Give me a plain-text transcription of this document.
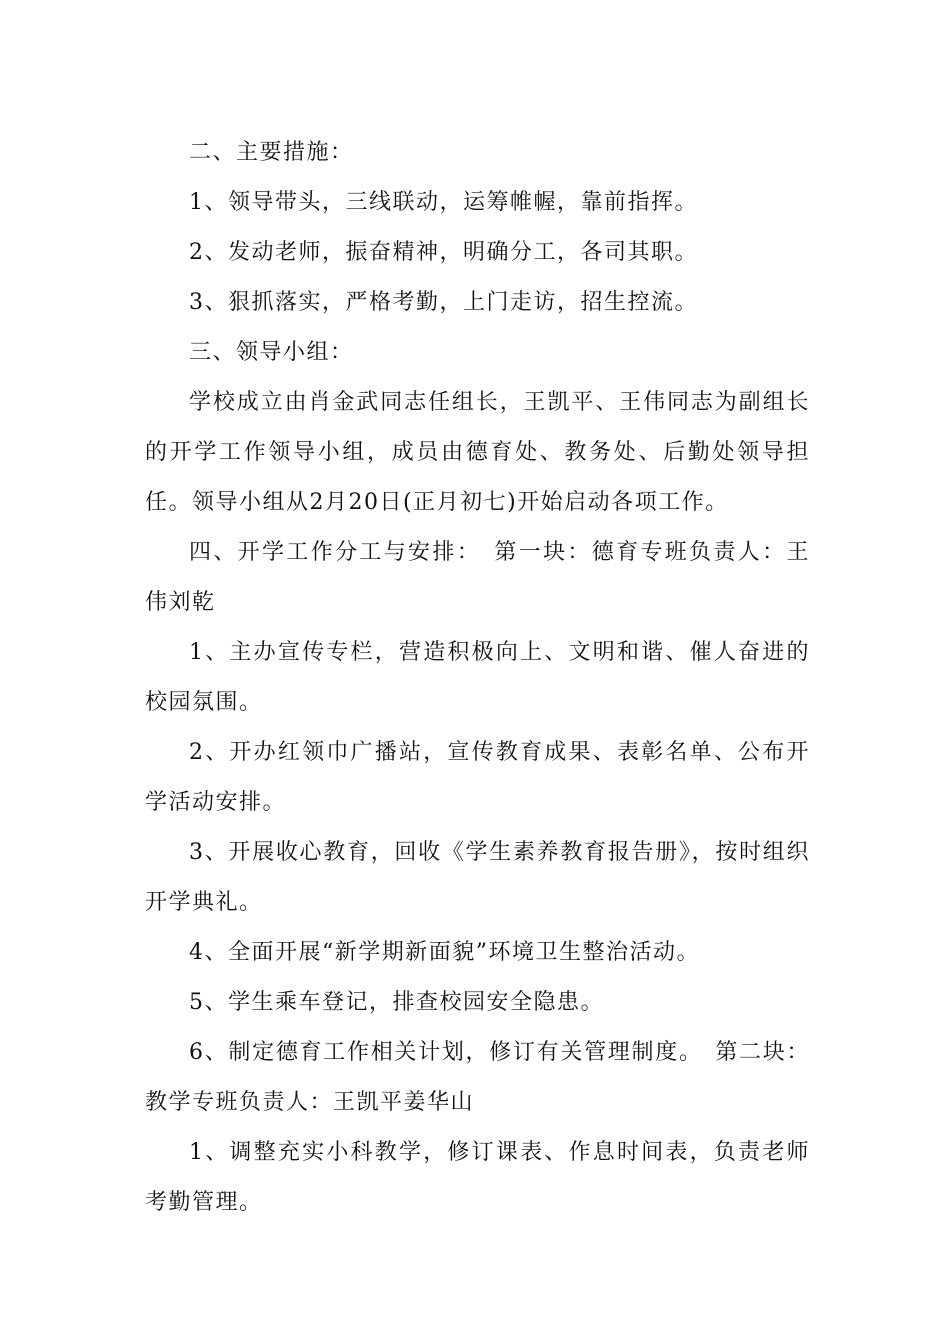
二、主要措施：

1、领导带头，三线联动，运筹帷幄，靠前指挥。

2、发动老师，振奋精神，明确分工，各司其职。

3、狠抓落实，严格考勤，上门走访，招生控流。

三、领导小组：

学校成立由肖金武同志任组长，王凯平、王伟同志为副组长的开学工作领导小组，成员由德育处、教务处、后勤处领导担任。领导小组从2月20日(正月初七)开始启动各项工作。

四、开学工作分工与安排：　第一块：德育专班负责人：王伟刘乾

1、主办宣传专栏，营造积极向上、文明和谐、催人奋进的校园氛围。

2、开办红领巾广播站，宣传教育成果、表彰名单、公布开学活动安排。

3、开展收心教育，回收《学生素养教育报告册》，按时组织开学典礼。

4、全面开展“新学期新面貌”环境卫生整治活动。

5、学生乘车登记，排查校园安全隐患。

6、制定德育工作相关计划，修订有关管理制度。　第二块：教学专班负责人：王凯平姜华山

1、调整充实小科教学，修订课表、作息时间表，负责老师考勤管理。
